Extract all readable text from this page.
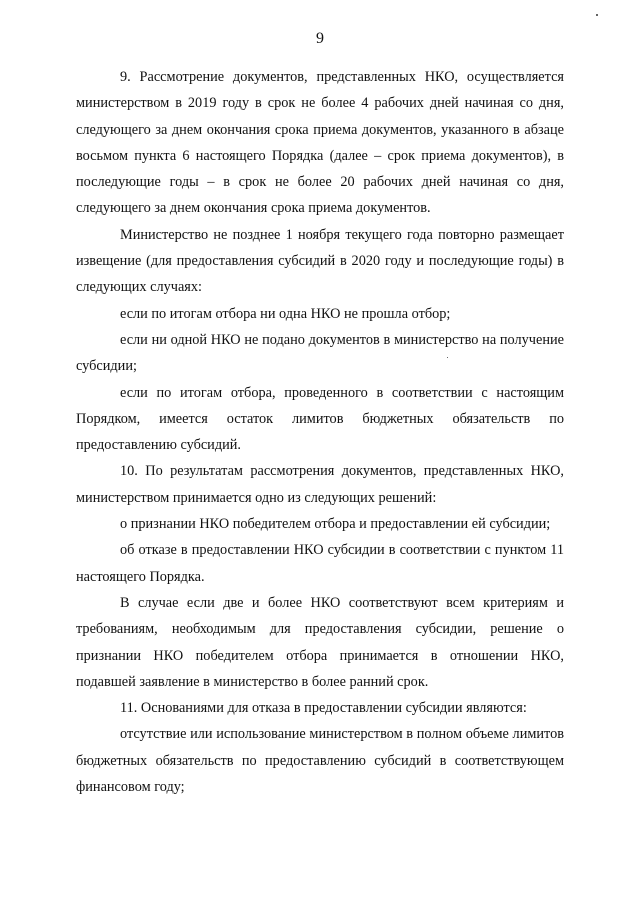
9

9. Рассмотрение документов, представленных НКО, осуществляется министерством в 2019 году в срок не более 4 рабочих дней начиная со дня, следующего за днем окончания срока приема документов, указанного в абзаце восьмом пункта 6 настоящего Порядка (далее – срок приема документов), в последующие годы – в срок не более 20 рабочих дней начиная со дня, следующего за днем окончания срока приема документов.

Министерство не позднее 1 ноября текущего года повторно размещает извещение (для предоставления субсидий в 2020 году и последующие годы) в следующих случаях:

если по итогам отбора ни одна НКО не прошла отбор;

если ни одной НКО не подано документов в министерство на получение субсидии;

если по итогам отбора, проведенного в соответствии с настоящим Порядком, имеется остаток лимитов бюджетных обязательств по предоставлению субсидий.

10. По результатам рассмотрения документов, представленных НКО, министерством принимается одно из следующих решений:

о признании НКО победителем отбора и предоставлении ей субсидии;

об отказе в предоставлении НКО субсидии в соответствии с пунктом 11 настоящего Порядка.

В случае если две и более НКО соответствуют всем критериям и требованиям, необходимым для предоставления субсидии, решение о признании НКО победителем отбора принимается в отношении НКО, подавшей заявление в министерство в более ранний срок.

11. Основаниями для отказа в предоставлении субсидии являются:

отсутствие или использование министерством в полном объеме лимитов бюджетных обязательств по предоставлению субсидий в соответствующем финансовом году;
